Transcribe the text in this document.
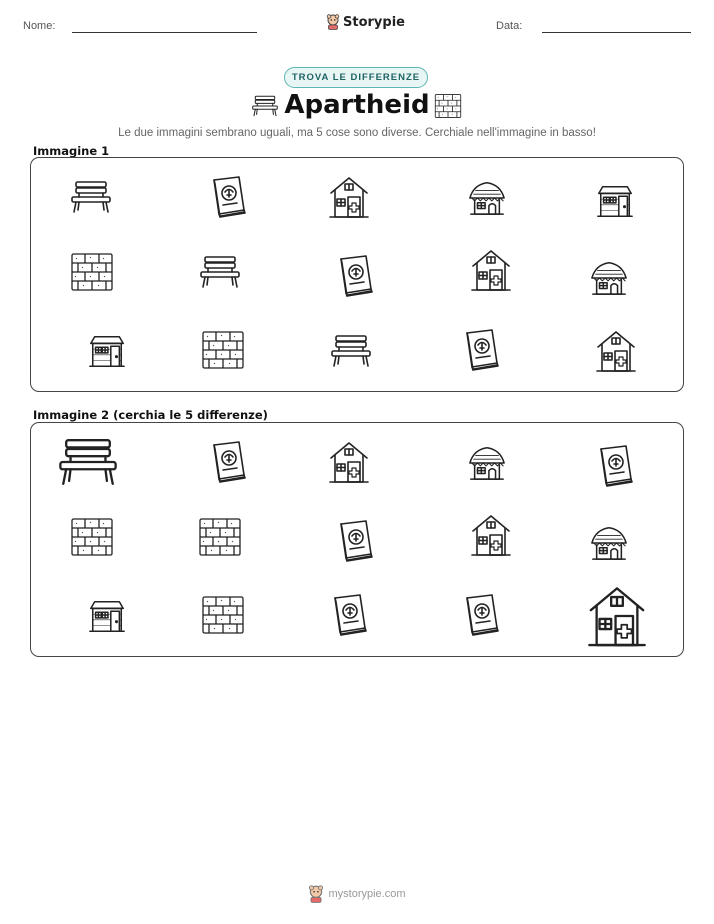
Nome:	Storypie	Data:
TROVA LE DIFFERENZE
Apartheid
Le due immagini sembrano uguali, ma 5 cose sono diverse. Cerchiale nell'immagine in basso!
Immagine 1
Immagine 2 (cerchia le 5 differenze)
mystorypie.com
